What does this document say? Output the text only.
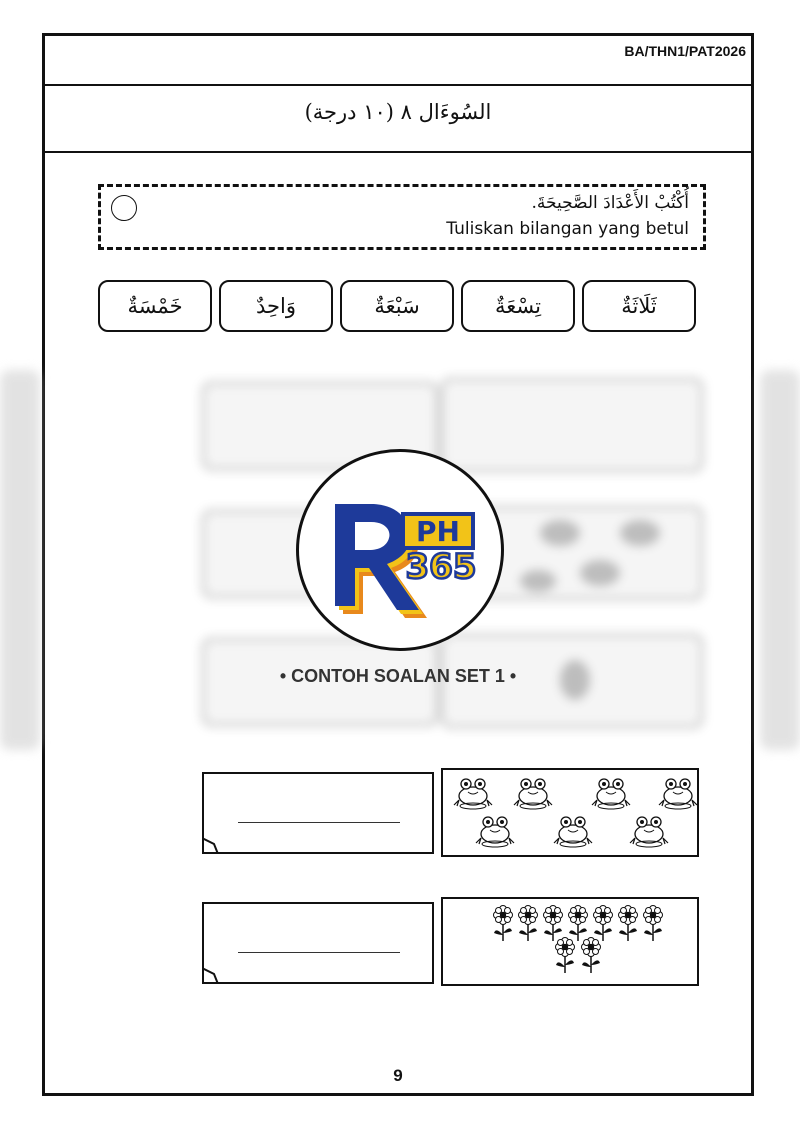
BA/THN1/PAT2026
السُوءَال ٨ (١٠ درجة)
أُكْتُبْ الأَعْدَادَ الصَّحِيحَةَ.
Tuliskan bilangan yang betul
ثَلَاثَةٌ
تِسْعَةٌ
سَبْعَةٌ
وَاحِدٌ
خَمْسَةٌ
PH
365
• CONTOH SOALAN SET 1 •
9
